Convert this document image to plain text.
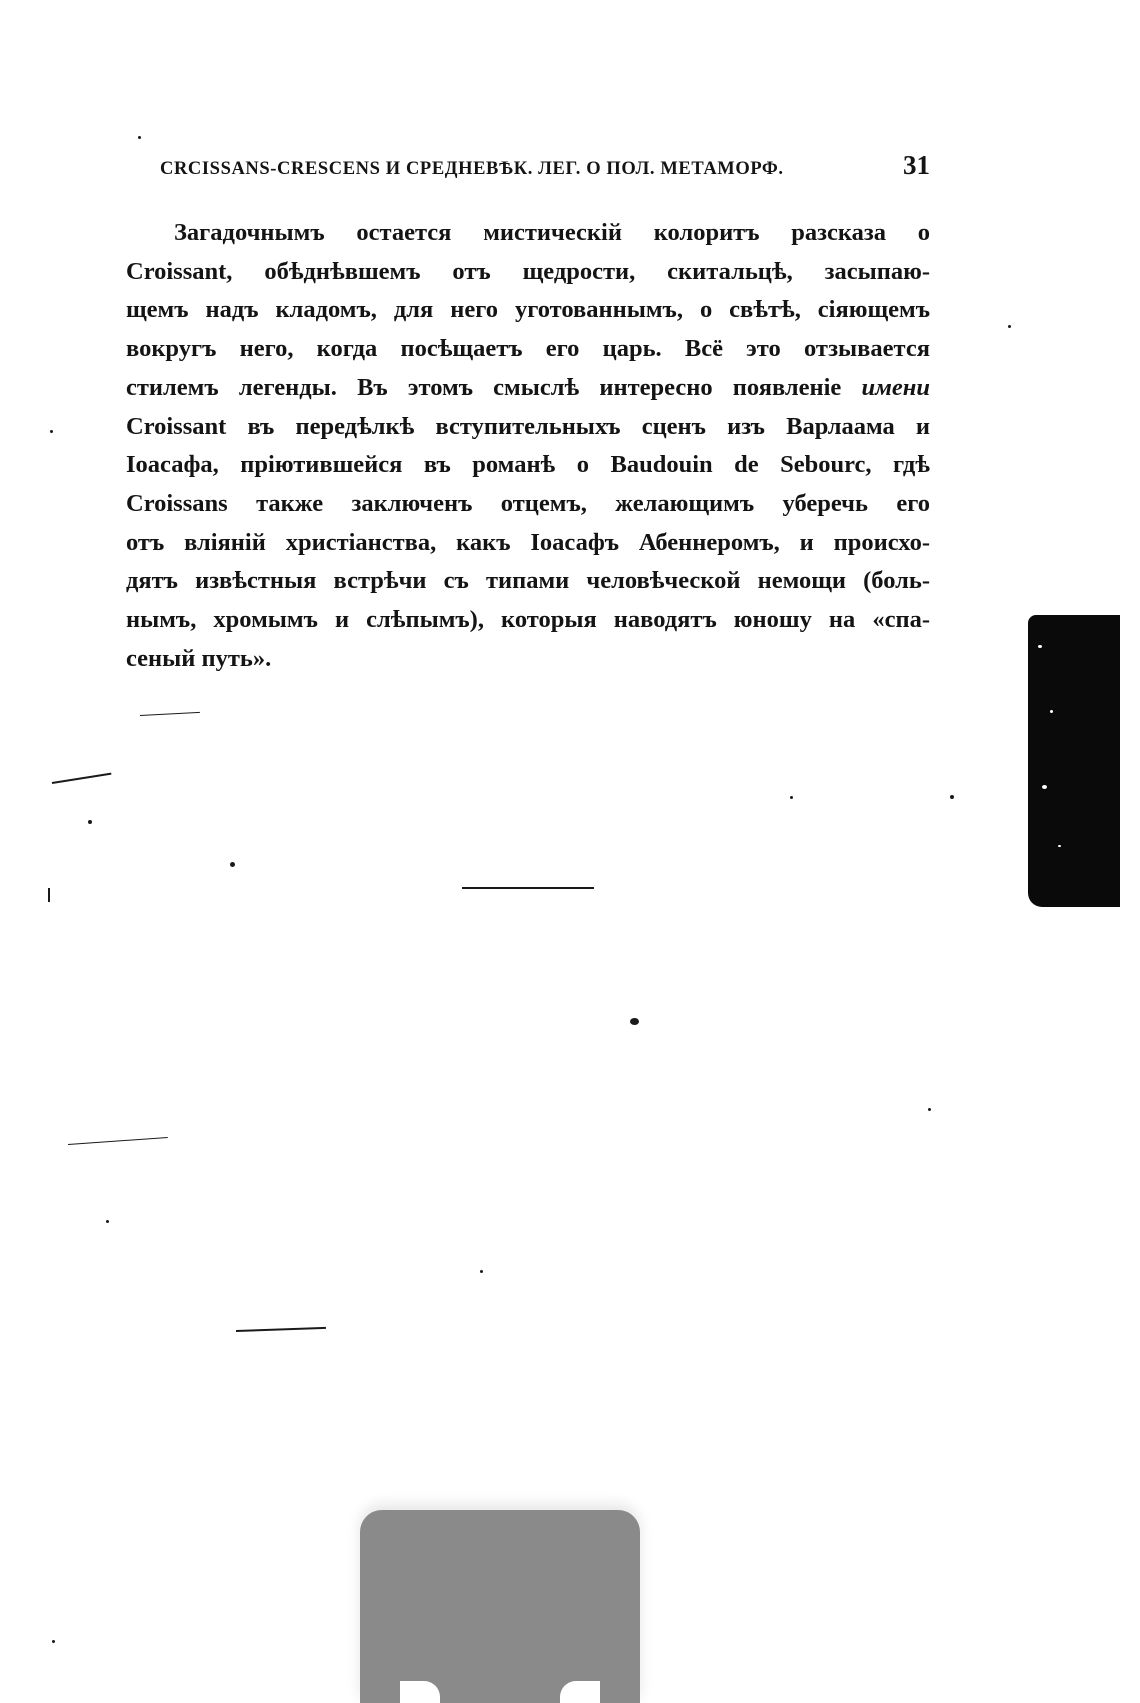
CRCISSANS-CRESCENS И СРЕДНЕВѢК. ЛЕГ. О ПОЛ. МЕТАМОРФ.	31
Загадочнымъ остается мистическій колоритъ разсказа о
Croissant, обѣднѣвшемъ отъ щедрости, скитальцѣ, засыпаю-
щемъ надъ кладомъ, для него уготованнымъ, о свѣтѣ, сіяющемъ
вокругъ него, когда посѣщаетъ его царь. Всё это отзывается
стилемъ легенды. Въ этомъ смыслѣ интересно появленіе имени
Croissant въ передѣлкѣ вступительныхъ сценъ изъ Варлаама и
Іоасафа, пріютившейся въ романѣ о Baudouin de Sebourc, гдѣ
Croissans также заключенъ отцемъ, желающимъ уберечь его
отъ вліяній христіанства, какъ Іоасафъ Абеннеромъ, и происхо-
дятъ извѣстныя встрѣчи съ типами человѣческой немощи (боль-
нымъ, хромымъ и слѣпымъ), которыя наводятъ юношу на «спа-
сеный путь».
